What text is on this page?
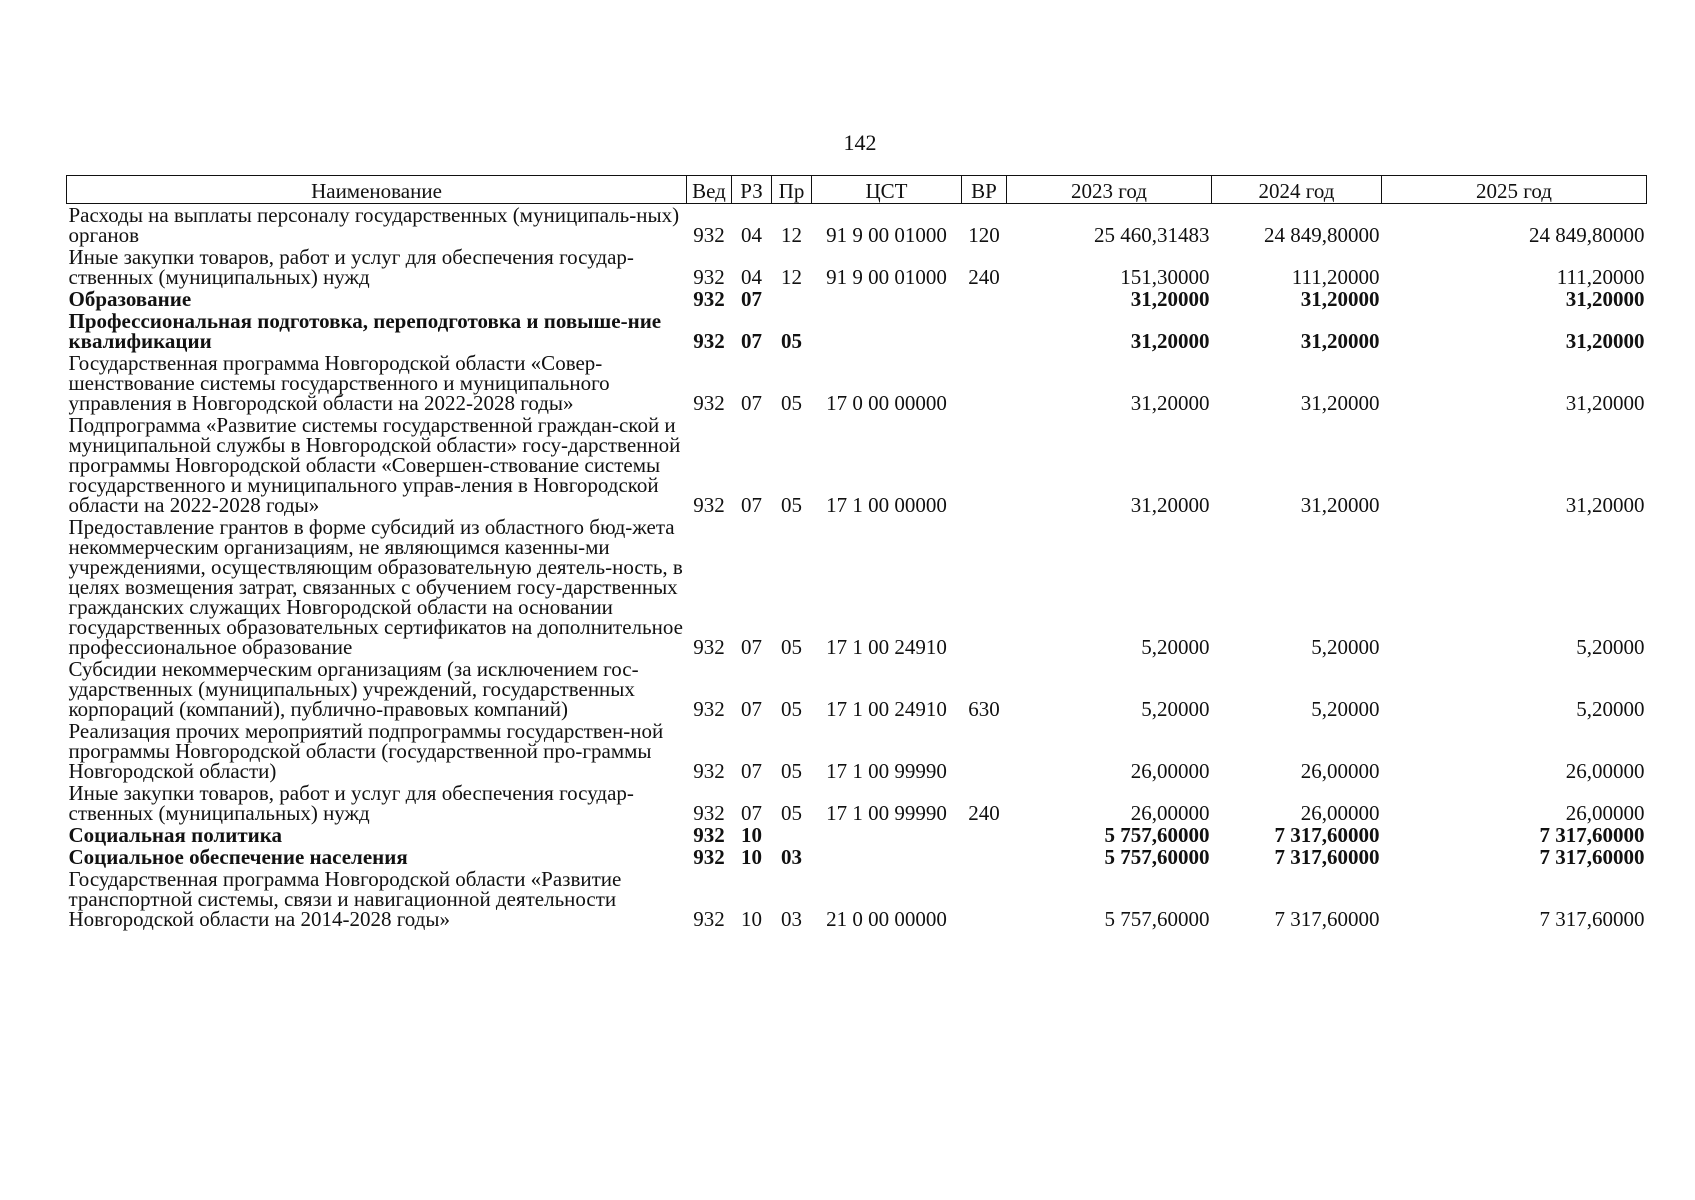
142
Наименование	Вед	РЗ	Пр	ЦСТ	ВР	2023 год	2024 год	2025 год
Расходы на выплаты персоналу государственных (муниципаль-ных) органов	932	04	12	91 9 00 01000	120	25 460,31483	24 849,80000	24 849,80000
Иные закупки товаров, работ и услуг для обеспечения государ-ственных (муниципальных) нужд	932	04	12	91 9 00 01000	240	151,30000	111,20000	111,20000
Образование	932	07				31,20000	31,20000	31,20000
Профессиональная подготовка, переподготовка и повыше-ние квалификации	932	07	05			31,20000	31,20000	31,20000
Государственная программа Новгородской области «Совер-шенствование системы государственного и муниципального управления в Новгородской области на 2022-2028 годы»	932	07	05	17 0 00 00000		31,20000	31,20000	31,20000
Подпрограмма «Развитие системы государственной граждан-ской и муниципальной службы в Новгородской области» госу-дарственной программы Новгородской области «Совершен-ствование системы государственного и муниципального управ-ления в Новгородской области на 2022-2028 годы»	932	07	05	17 1 00 00000		31,20000	31,20000	31,20000
Предоставление грантов в форме субсидий из областного бюд-жета некоммерческим организациям, не являющимся казенны-ми учреждениями, осуществляющим образовательную деятель-ность, в целях возмещения затрат, связанных с обучением госу-дарственных гражданских служащих Новгородской области на основании государственных образовательных сертификатов на дополнительное профессиональное образование	932	07	05	17 1 00 24910		5,20000	5,20000	5,20000
Субсидии некоммерческим организациям (за исключением гос-ударственных (муниципальных) учреждений, государственных корпораций (компаний), публично-правовых компаний)	932	07	05	17 1 00 24910	630	5,20000	5,20000	5,20000
Реализация прочих мероприятий подпрограммы государствен-ной программы Новгородской области (государственной про-граммы Новгородской области)	932	07	05	17 1 00 99990		26,00000	26,00000	26,00000
Иные закупки товаров, работ и услуг для обеспечения государ-ственных (муниципальных) нужд	932	07	05	17 1 00 99990	240	26,00000	26,00000	26,00000
Социальная политика	932	10				5 757,60000	7 317,60000	7 317,60000
Социальное обеспечение населения	932	10	03			5 757,60000	7 317,60000	7 317,60000
Государственная программа Новгородской области «Развитие транспортной системы, связи и навигационной деятельности Новгородской области на 2014-2028 годы»	932	10	03	21 0 00 00000		5 757,60000	7 317,60000	7 317,60000
